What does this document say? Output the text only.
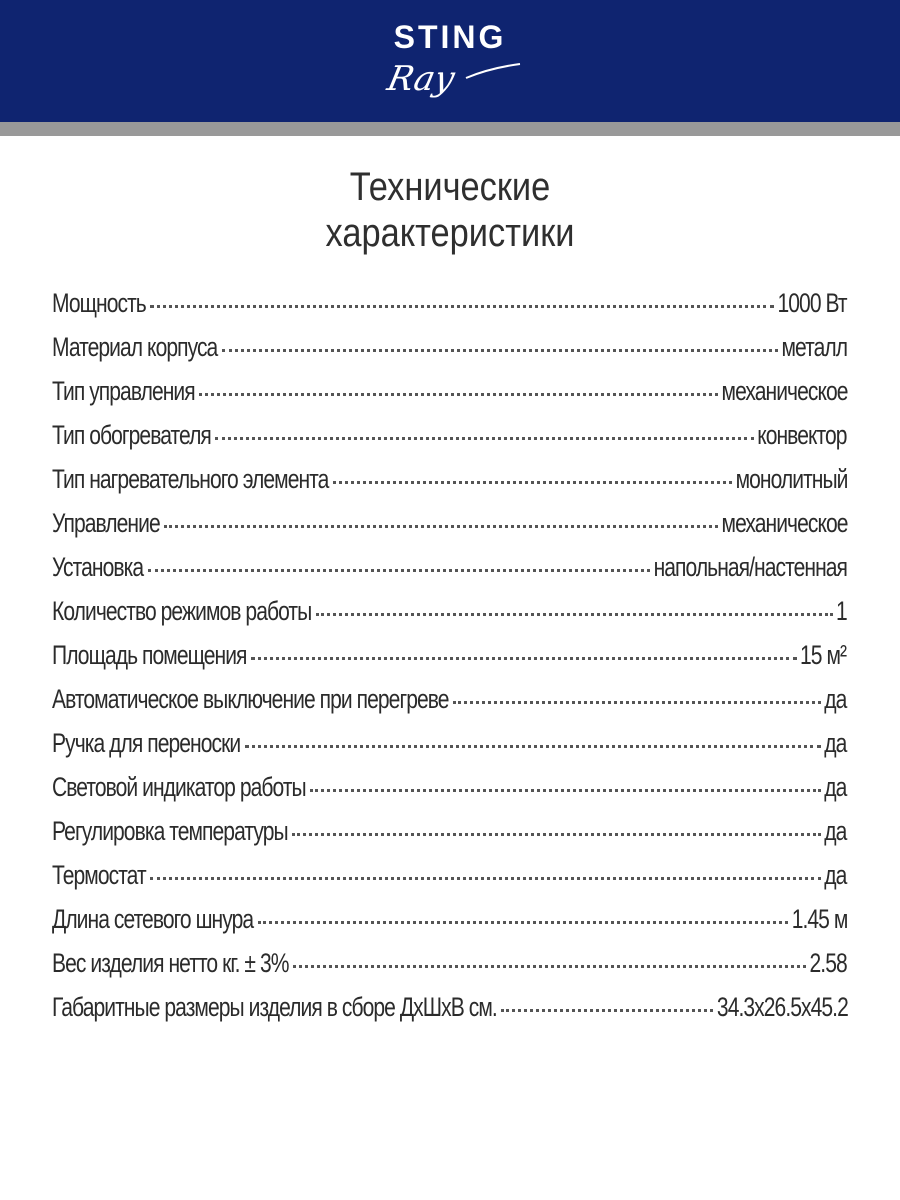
STING
Ray
Технические
характеристики
Мощность	1000 Вт
Материал корпуса	металл
Тип управления	механическое
Тип обогревателя	конвектор
Тип нагревательного элемента	монолитный
Управление	механическое
Установка	напольная/настенная
Количество режимов работы	1
Площадь помещения	15 м²
Автоматическое выключение при перегреве	да
Ручка для переноски	да
Световой индикатор работы	да
Регулировка температуры	да
Термостат	да
Длина сетевого шнура	1.45 м
Вес изделия нетто кг. ± 3%	2.58
Габаритные размеры изделия в сборе ДхШхВ см.	34.3х26.5х45.2
